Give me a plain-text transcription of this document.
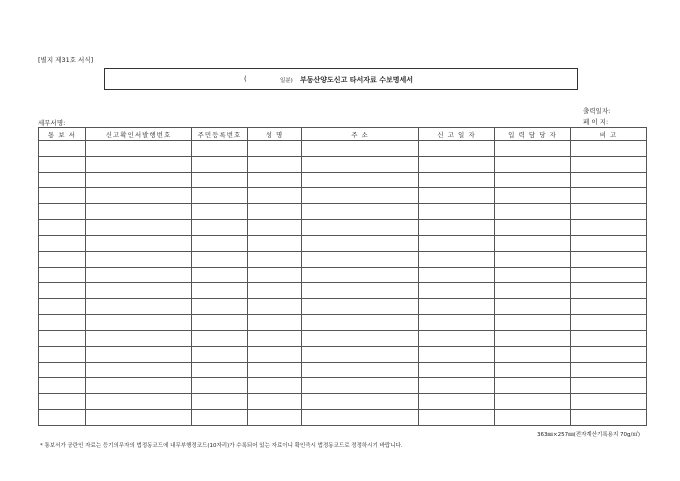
[별지 제31호 서식]
(	일분) 부동산양도신고 타서자료 수보명세서
출력일자:
페 이 지:
세무서명:
통 보 서	신고확인서발행번호	주민등록번호	성 명	주 소	신 고 일 자	입 력 담 당 자	비 고

363㎜×257㎜(전자계산기록용지 70g/㎡)
* 통보서가 공란인 자료는 등기의무자의 법정동코드에 내무부행정코드(10자리)가 수록되어 있는 자료이니 확인즉시 법정동코드로 정정하시기 바랍니다.
